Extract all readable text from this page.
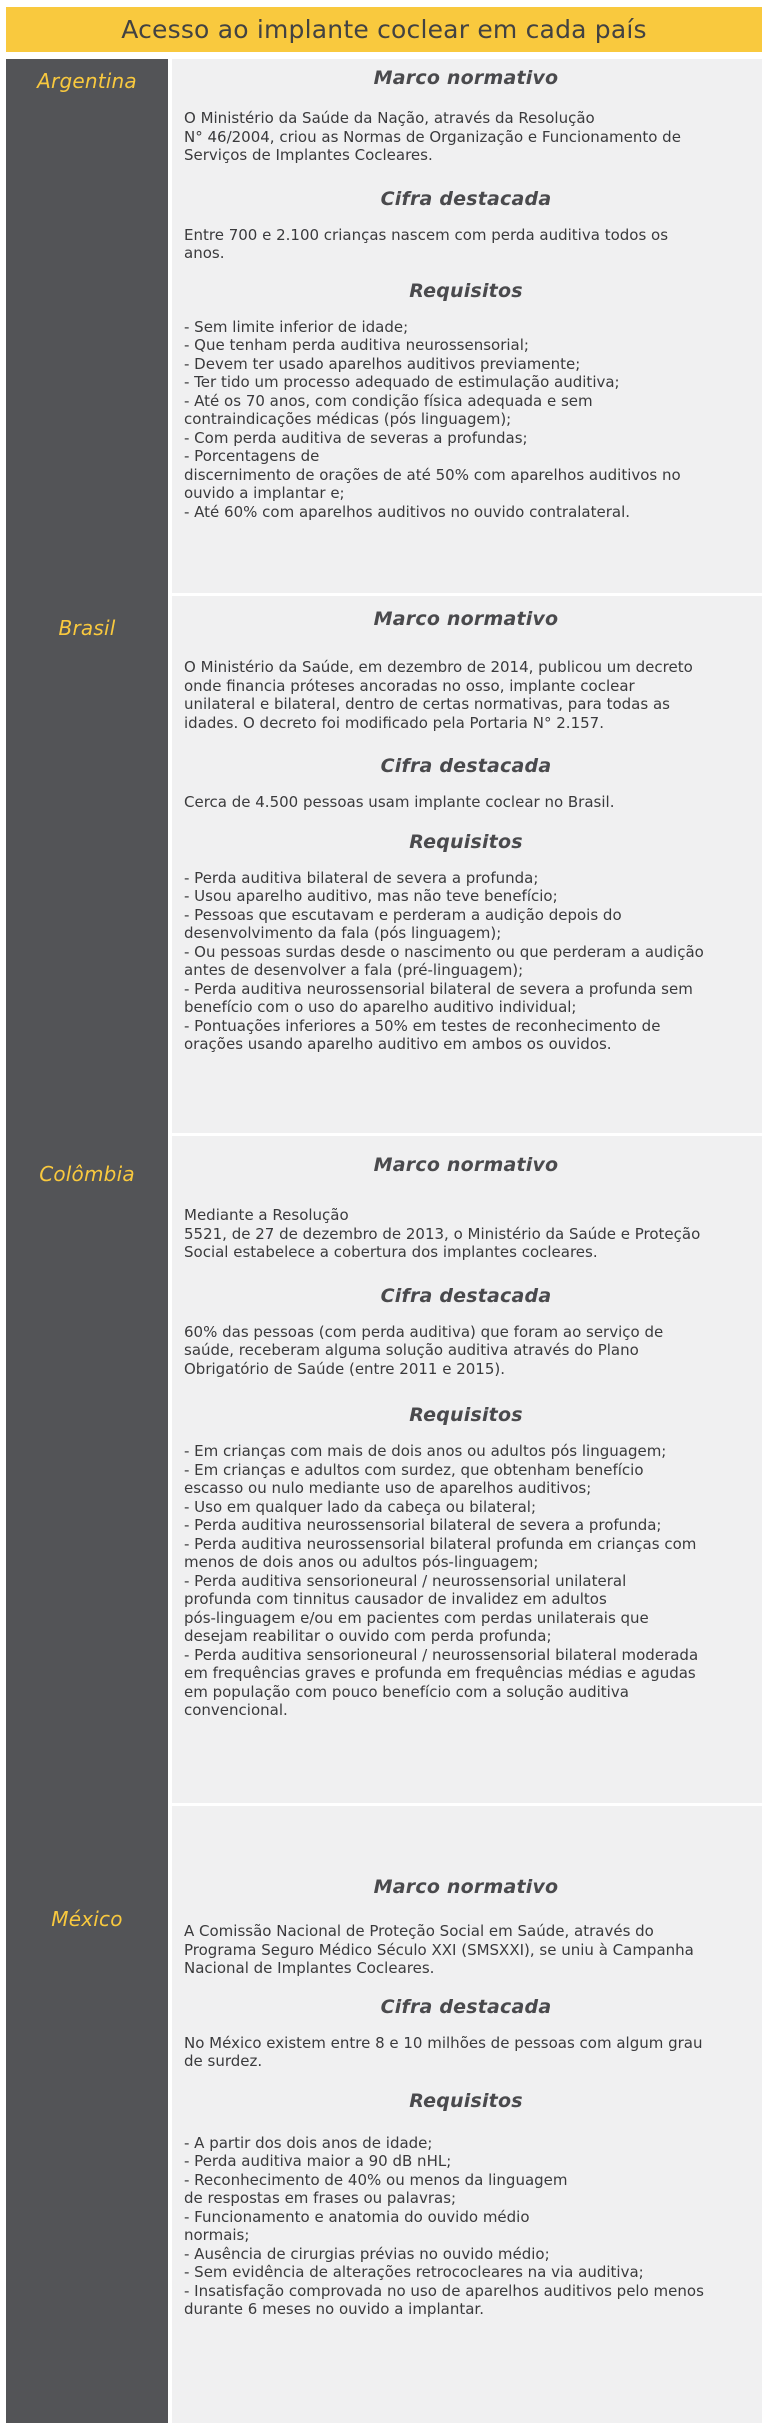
Acesso ao implante coclear em cada país
Argentina
Brasil
Colômbia
México
Marco normativo

O Ministério da Saúde da Nação, através da Resolução
N° 46/2004, criou as Normas de Organização e Funcionamento de
Serviços de Implantes Cocleares.

Cifra destacada

Entre 700 e 2.100 crianças nascem com perda auditiva todos os
anos.

Requisitos

- Sem limite inferior de idade;
- Que tenham perda auditiva neurossensorial;
- Devem ter usado aparelhos auditivos previamente;
- Ter tido um processo adequado de estimulação auditiva;
- Até os 70 anos, com condição física adequada e sem
contraindicações médicas (pós linguagem);
- Com perda auditiva de severas a profundas;
- Porcentagens de
discernimento de orações de até 50% com aparelhos auditivos no
ouvido a implantar e;
- Até 60% com aparelhos auditivos no ouvido contralateral.

Marco normativo

O Ministério da Saúde, em dezembro de 2014, publicou um decreto
onde financia próteses ancoradas no osso, implante coclear
unilateral e bilateral, dentro de certas normativas, para todas as
idades. O decreto foi modificado pela Portaria N° 2.157.

Cifra destacada

Cerca de 4.500 pessoas usam implante coclear no Brasil.

Requisitos

- Perda auditiva bilateral de severa a profunda;
- Usou aparelho auditivo, mas não teve benefício;
- Pessoas que escutavam e perderam a audição depois do
desenvolvimento da fala (pós linguagem);
- Ou pessoas surdas desde o nascimento ou que perderam a audição
antes de desenvolver a fala (pré-linguagem);
- Perda auditiva neurossensorial bilateral de severa a profunda sem
benefício com o uso do aparelho auditivo individual;
- Pontuações inferiores a 50% em testes de reconhecimento de
orações usando aparelho auditivo em ambos os ouvidos.

Marco normativo

Mediante a Resolução
5521, de 27 de dezembro de 2013, o Ministério da Saúde e Proteção
Social estabelece a cobertura dos implantes cocleares.

Cifra destacada

60% das pessoas (com perda auditiva) que foram ao serviço de
saúde, receberam alguma solução auditiva através do Plano
Obrigatório de Saúde (entre 2011 e 2015).

Requisitos

- Em crianças com mais de dois anos ou adultos pós linguagem;
- Em crianças e adultos com surdez, que obtenham benefício
escasso ou nulo mediante uso de aparelhos auditivos;
- Uso em qualquer lado da cabeça ou bilateral;
- Perda auditiva neurossensorial bilateral de severa a profunda;
- Perda auditiva neurossensorial bilateral profunda em crianças com
menos de dois anos ou adultos pós-linguagem;
- Perda auditiva sensorioneural / neurossensorial unilateral
profunda com tinnitus causador de invalidez em adultos
pós-linguagem e/ou em pacientes com perdas unilaterais que
desejam reabilitar o ouvido com perda profunda;
- Perda auditiva sensorioneural / neurossensorial bilateral moderada
em frequências graves e profunda em frequências médias e agudas
em população com pouco benefício com a solução auditiva
convencional.

Marco normativo

A Comissão Nacional de Proteção Social em Saúde, através do
Programa Seguro Médico Século XXI (SMSXXI), se uniu à Campanha
Nacional de Implantes Cocleares.

Cifra destacada

No México existem entre 8 e 10 milhões de pessoas com algum grau
de surdez.

Requisitos

- A partir dos dois anos de idade;
- Perda auditiva maior a 90 dB nHL;
- Reconhecimento de 40% ou menos da linguagem
de respostas em frases ou palavras;
- Funcionamento e anatomia do ouvido médio
normais;
- Ausência de cirurgias prévias no ouvido médio;
- Sem evidência de alterações retrococleares na via auditiva;
- Insatisfação comprovada no uso de aparelhos auditivos pelo menos
durante 6 meses no ouvido a implantar.
